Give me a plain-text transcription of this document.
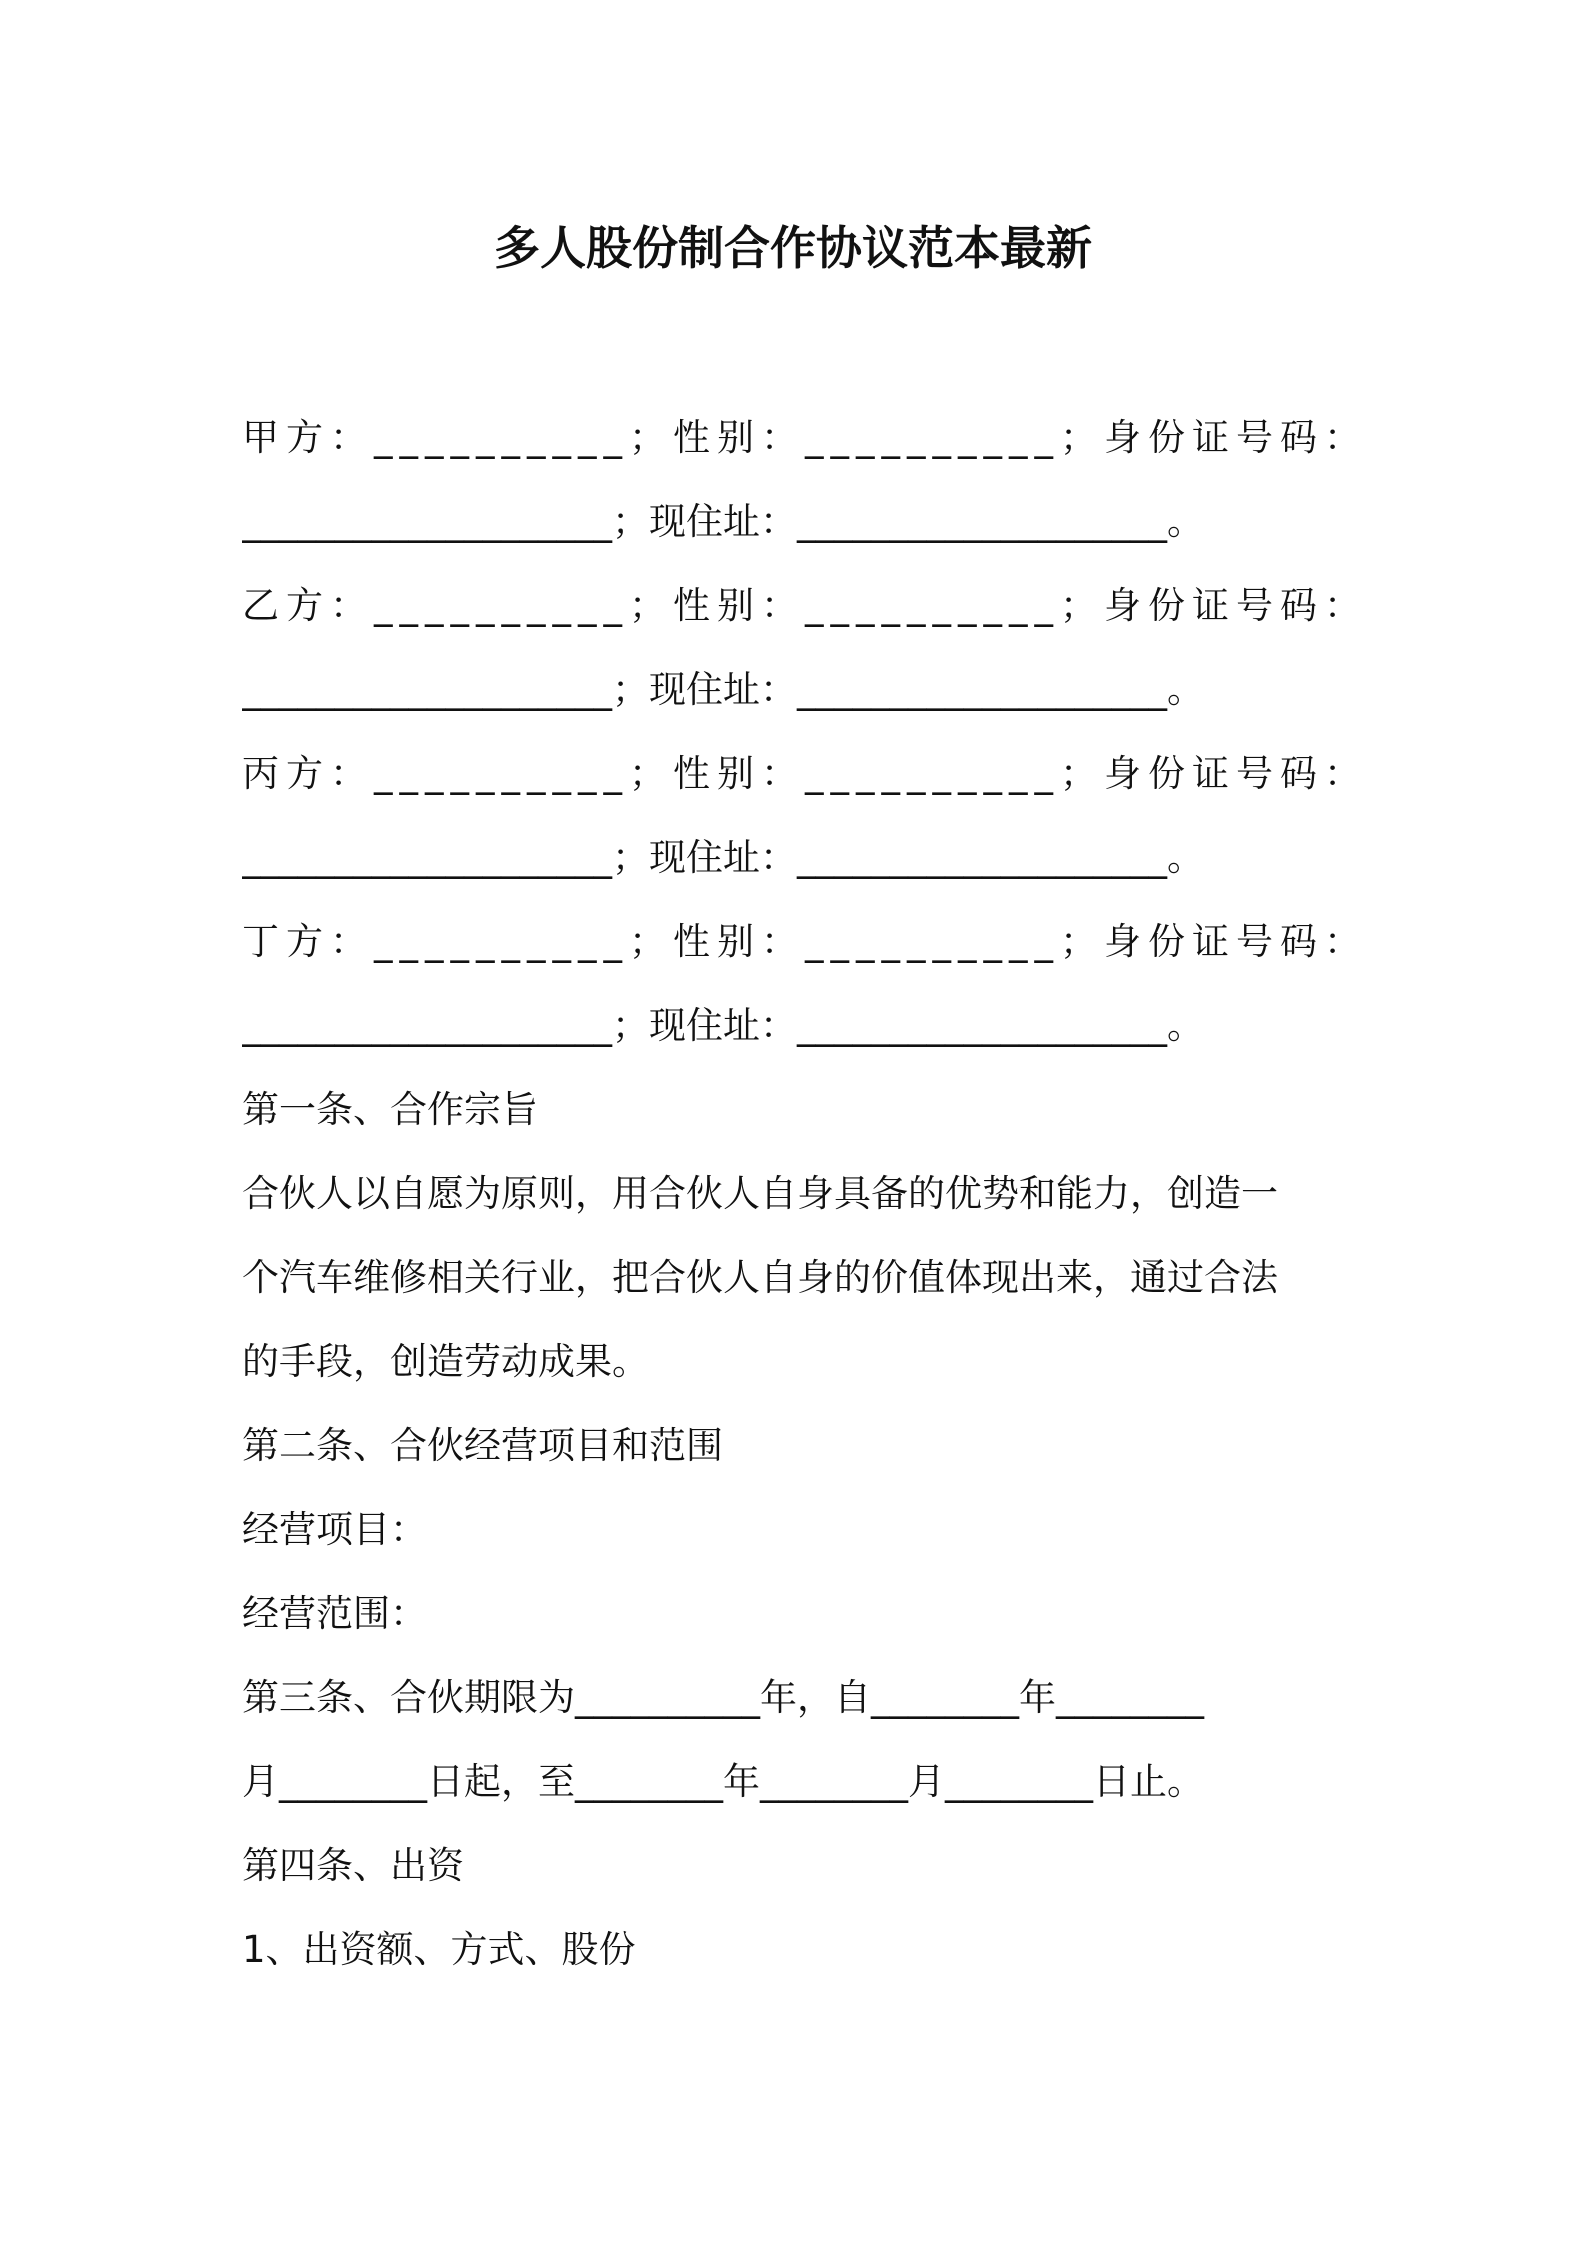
多人股份制合作协议范本最新
甲方：__________；性别：__________；身份证号码：
____________________；现住址：____________________。
乙方：__________；性别：__________；身份证号码：
____________________；现住址：____________________。
丙方：__________；性别：__________；身份证号码：
____________________；现住址：____________________。
丁方：__________；性别：__________；身份证号码：
____________________；现住址：____________________。
第一条、合作宗旨
合伙人以自愿为原则，用合伙人自身具备的优势和能力，创造一
个汽车维修相关行业，把合伙人自身的价值体现出来，通过合法
的手段，创造劳动成果。
第二条、合伙经营项目和范围
经营项目：
经营范围：
第三条、合伙期限为__________年，自________年________
月________日起，至________年________月________日止。
第四条、出资
1、出资额、方式、股份
